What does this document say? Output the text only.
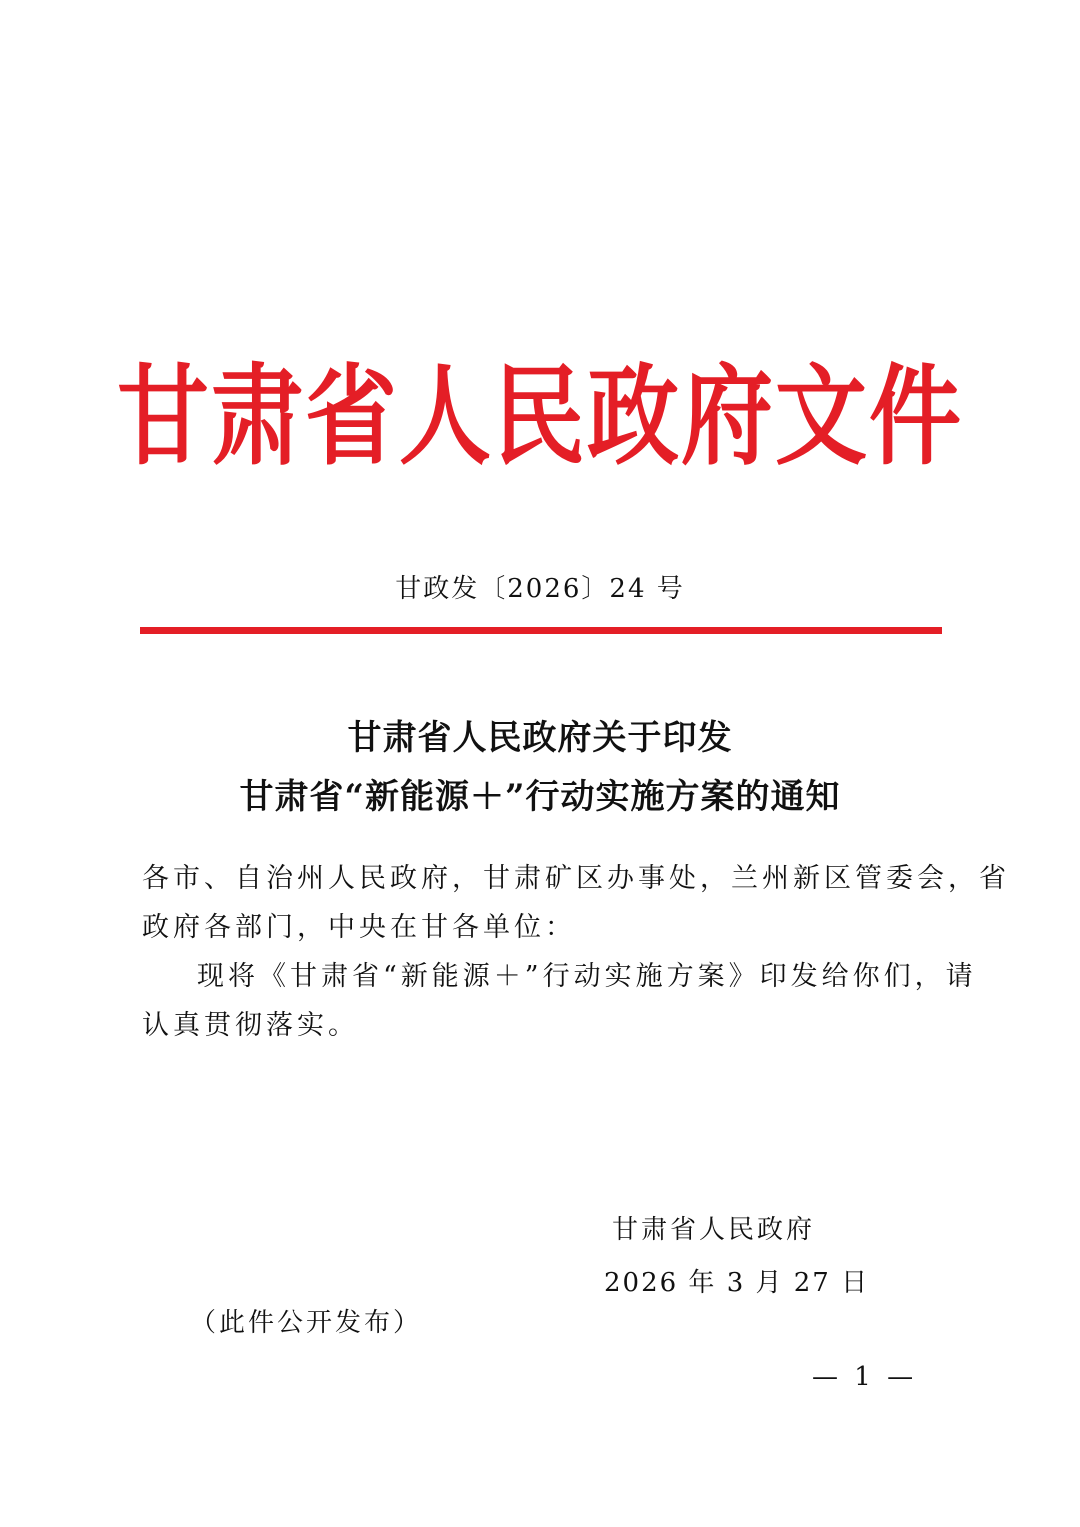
甘肃省人民政府文件
甘政发〔2026〕24 号
甘肃省人民政府关于印发
甘肃省“新能源＋”行动实施方案的通知
各市、自治州人民政府，甘肃矿区办事处，兰州新区管委会，省
政府各部门，中央在甘各单位：
现将《甘肃省“新能源＋”行动实施方案》印发给你们，请
认真贯彻落实。
甘肃省人民政府
2026 年 3 月 27 日
（此件公开发布）
— 1 —
